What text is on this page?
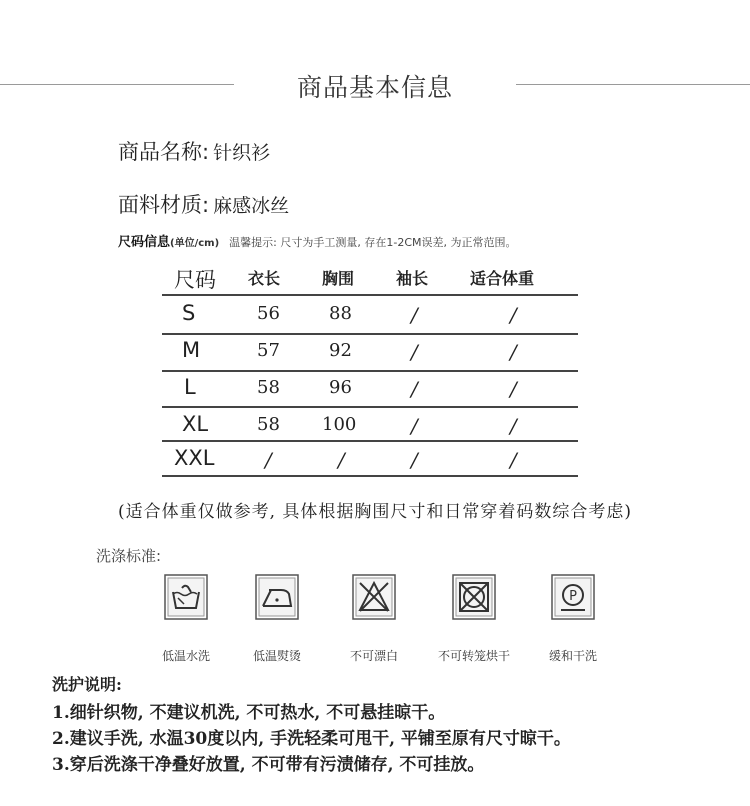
商品基本信息
商品名称: 针织衫
面料材质: 麻感冰丝
尺码信息(单位/cm) 温馨提示: 尺寸为手工测量, 存在1-2CM误差, 为正常范围。
尺码 衣长	胸围	袖长	适合体重
S	56	88	/	/
M	57	92	/	/
L	58	96	/	/
XL	58 100	/	/
XXL	/	/	/	/
(适合体重仅做参考, 具体根据胸围尺寸和日常穿着码数综合考虑)
洗涤标准:
低温水洗	低温熨烫	不可漂白	不可转笼烘干
P
缓和干洗
洗护说明:
1.细针织物, 不建议机洗, 不可热水, 不可悬挂晾干。
2.建议手洗, 水温30度以内, 手洗轻柔可甩干, 平铺至原有尺寸晾干。
3.穿后洗涤干净叠好放置, 不可带有污渍储存, 不可挂放。
